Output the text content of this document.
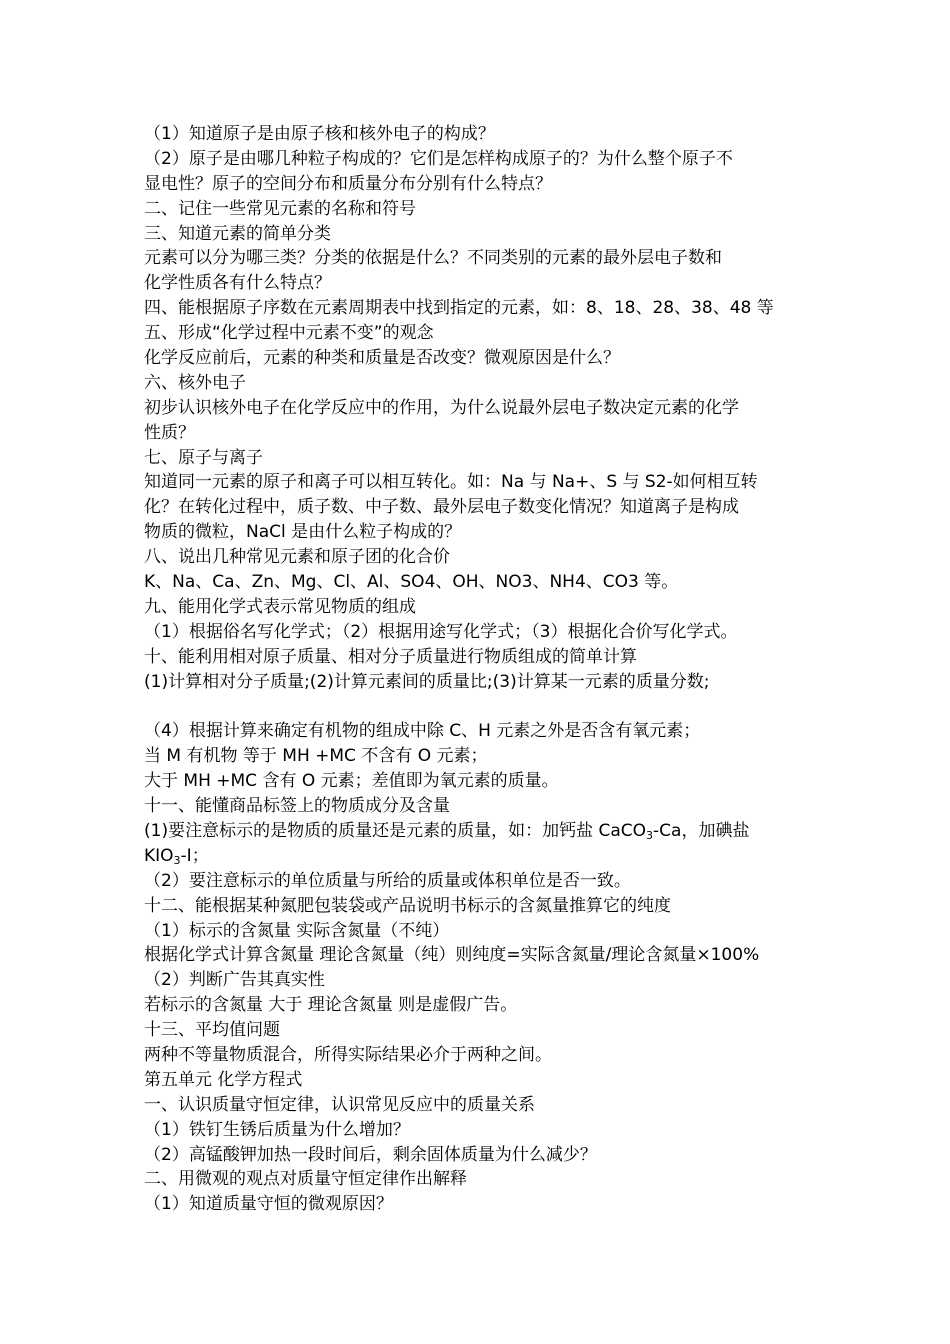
（1）知道原子是由原子核和核外电子的构成？
（2）原子是由哪几种粒子构成的？它们是怎样构成原子的？为什么整个原子不
显电性？原子的空间分布和质量分布分别有什么特点？
二、记住一些常见元素的名称和符号
三、知道元素的简单分类
元素可以分为哪三类？分类的依据是什么？不同类别的元素的最外层电子数和
化学性质各有什么特点？
四、能根据原子序数在元素周期表中找到指定的元素，如：8、18、28、38、48 等
五、形成“化学过程中元素不变”的观念
化学反应前后，元素的种类和质量是否改变？微观原因是什么？
六、核外电子
初步认识核外电子在化学反应中的作用，为什么说最外层电子数决定元素的化学
性质？
七、原子与离子
知道同一元素的原子和离子可以相互转化。如：Na 与 Na+、S 与 S2-如何相互转
化？在转化过程中，质子数、中子数、最外层电子数变化情况？知道离子是构成
物质的微粒，NaCl 是由什么粒子构成的？
八、说出几种常见元素和原子团的化合价
K、Na、Ca、Zn、Mg、Cl、Al、SO4、OH、NO3、NH4、CO3 等。
九、能用化学式表示常见物质的组成
（1）根据俗名写化学式；（2）根据用途写化学式；（3）根据化合价写化学式。
十、能利用相对原子质量、相对分子质量进行物质组成的简单计算
(1)计算相对分子质量;(2)计算元素间的质量比;(3)计算某一元素的质量分数;
（4）根据计算来确定有机物的组成中除 C、H 元素之外是否含有氧元素；
当 M 有机物 等于 MH +MC 不含有 O 元素；
大于 MH +MC 含有 O 元素；差值即为氧元素的质量。
十一、能懂商品标签上的物质成分及含量
(1)要注意标示的是物质的质量还是元素的质量，如：加钙盐 CaCO$_3$-Ca，加碘盐
$KIO_3-I$；
（2）要注意标示的单位质量与所给的质量或体积单位是否一致。
十二、能根据某种氮肥包装袋或产品说明书标示的含氮量推算它的纯度
（1）标示的含氮量 实际含氮量（不纯）
根据化学式计算含氮量 理论含氮量（纯）则纯度=实际含氮量/理论含氮量×100%
（2）判断广告其真实性
若标示的含氮量 大于 理论含氮量 则是虚假广告。
十三、平均值问题
两种不等量物质混合，所得实际结果必介于两种之间。
第五单元 化学方程式
一、认识质量守恒定律，认识常见反应中的质量关系
（1）铁钉生锈后质量为什么增加？
（2）高锰酸钾加热一段时间后，剩余固体质量为什么减少？
二、用微观的观点对质量守恒定律作出解释
（1）知道质量守恒的微观原因？
